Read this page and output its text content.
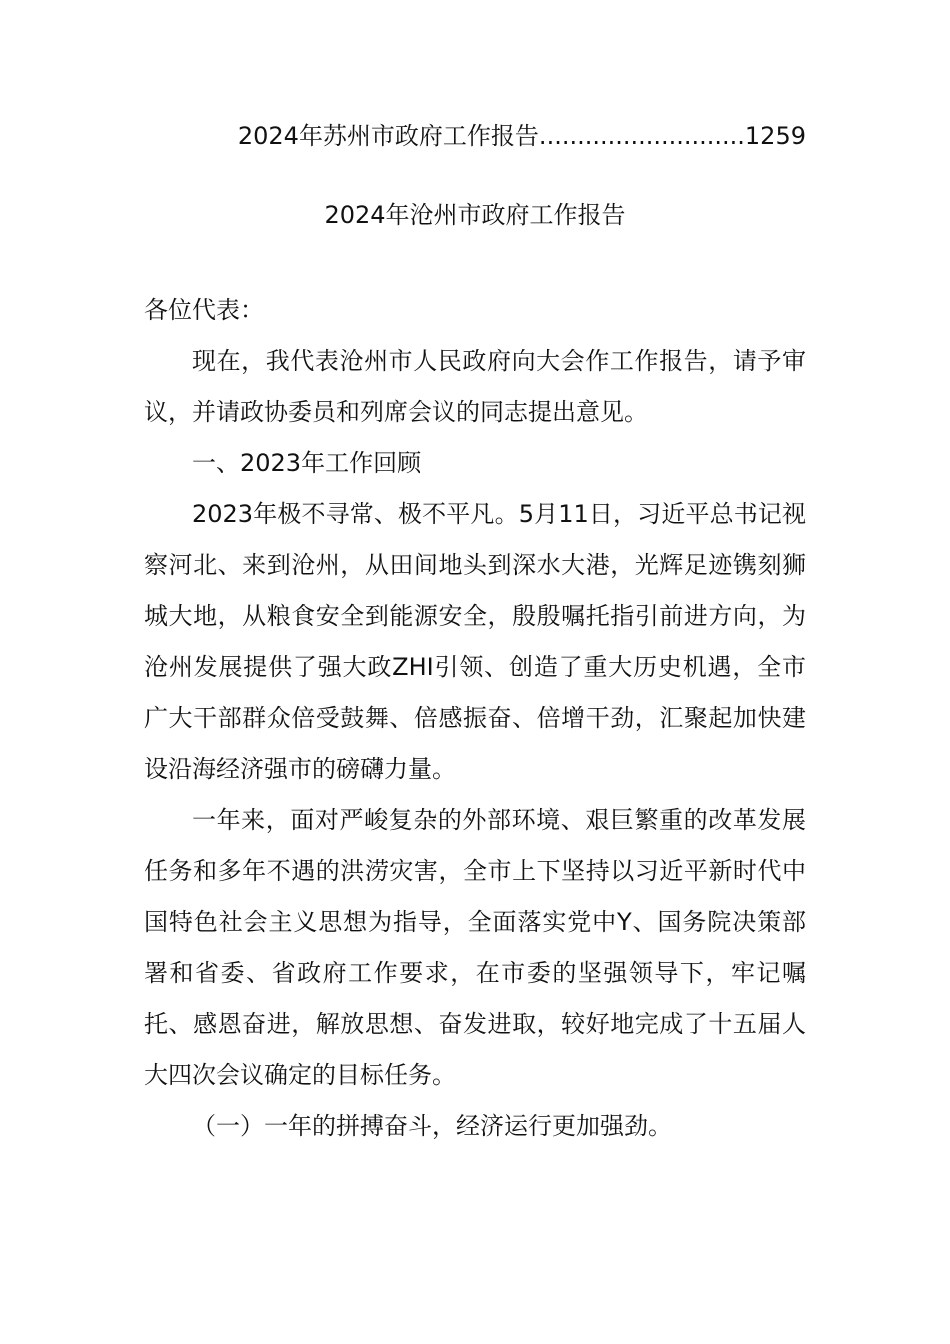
2024年苏州市政府工作报告...........................1259
2024年沧州市政府工作报告

各位代表：

现在，我代表沧州市人民政府向大会作工作报告，请予审议，并请政协委员和列席会议的同志提出意见。

一、2023年工作回顾

2023年极不寻常、极不平凡。5月11日，习近平总书记视察河北、来到沧州，从田间地头到深水大港，光辉足迹镌刻狮城大地，从粮食安全到能源安全，殷殷嘱托指引前进方向，为沧州发展提供了强大政ZHI引领、创造了重大历史机遇，全市广大干部群众倍受鼓舞、倍感振奋、倍增干劲，汇聚起加快建设沿海经济强市的磅礴力量。

一年来，面对严峻复杂的外部环境、艰巨繁重的改革发展任务和多年不遇的洪涝灾害，全市上下坚持以习近平新时代中国特色社会主义思想为指导，全面落实党中Y、国务院决策部署和省委、省政府工作要求，在市委的坚强领导下，牢记嘱托、感恩奋进，解放思想、奋发进取，较好地完成了十五届人大四次会议确定的目标任务。

（一）一年的拼搏奋斗，经济运行更加强劲。
